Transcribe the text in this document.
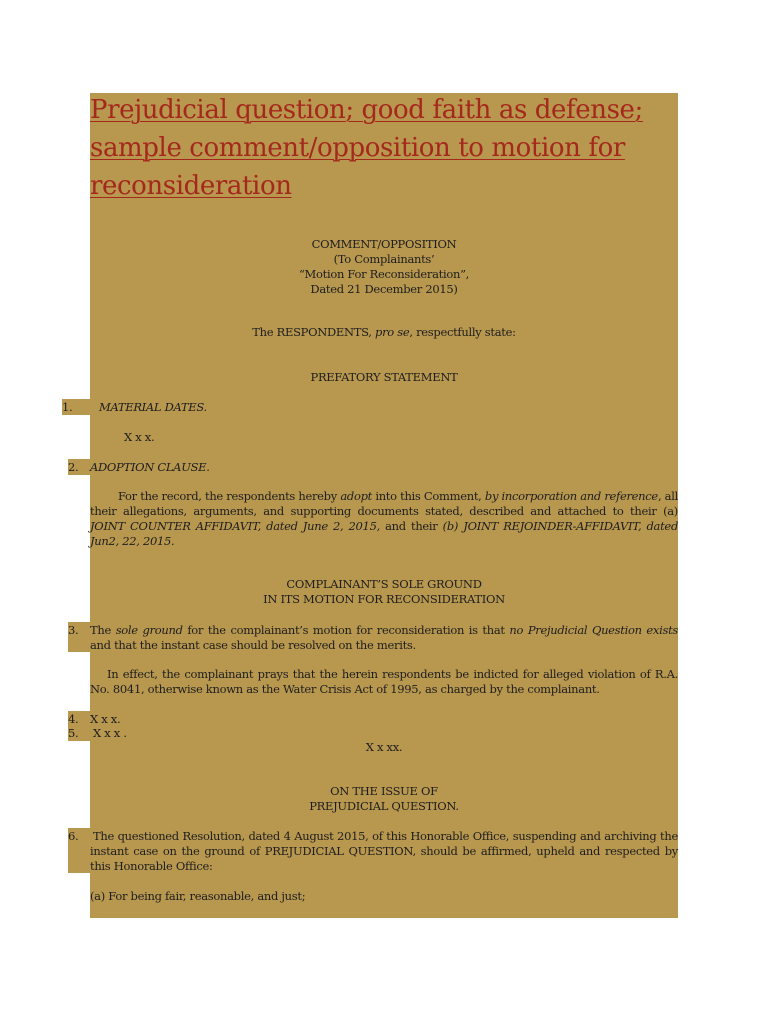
Prejudicial question; good faith as defense; sample comment/opposition to motion for reconsideration
COMMENT/OPPOSITION
(To Complainants’
“Motion For Reconsideration”,
Dated 21 December 2015)
The RESPONDENTS, pro se, respectfully state:
PREFATORY STATEMENT
1. MATERIAL DATES.
X x x.
2. ADOPTION CLAUSE.
For the record, the respondents hereby adopt into this Comment, by incorporation and reference, all their allegations, arguments, and supporting documents stated, described and attached to their (a) JOINT COUNTER AFFIDAVIT, dated June 2, 2015, and their (b) JOINT REJOINDER-AFFIDAVIT, dated Jun2, 22, 2015.
COMPLAINANT’S SOLE GROUND
IN ITS MOTION FOR RECONSIDERATION
3. The sole ground for the complainant’s motion for reconsideration is that no Prejudicial Question exists and that the instant case should be resolved on the merits.
In effect, the complainant prays that the herein respondents be indicted for alleged violation of R.A. No. 8041, otherwise known as the Water Crisis Act of 1995, as charged by the complainant.
4. X x x.
5. X x x .
X x xx.
ON THE ISSUE OF
PREJUDICIAL QUESTION.
6. The questioned Resolution, dated 4 August 2015, of this Honorable Office, suspending and archiving the instant case on the ground of PREJUDICIAL QUESTION, should be affirmed, upheld and respected by this Honorable Office:
(a) For being fair, reasonable, and just;
